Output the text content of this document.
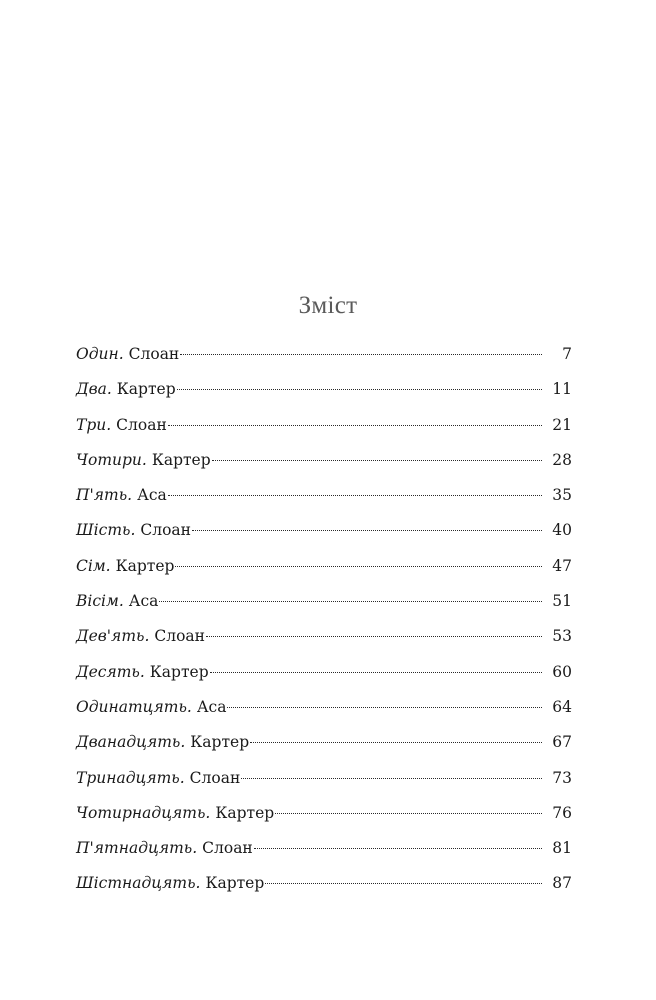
Зміст
Один. Слоан	7
Два. Картер	11
Три. Слоан	21
Чотири. Картер	28
П'ять. Аса	35
Шість. Слоан	40
Сім. Картер	47
Вісім. Аса	51
Дев'ять. Слоан	53
Десять. Картер	60
Одинатцять. Аса	64
Дванадцять. Картер	67
Тринадцять. Слоан	73
Чотирнадцять. Картер	76
П'ятнадцять. Слоан	81
Шістнадцять. Картер	87
